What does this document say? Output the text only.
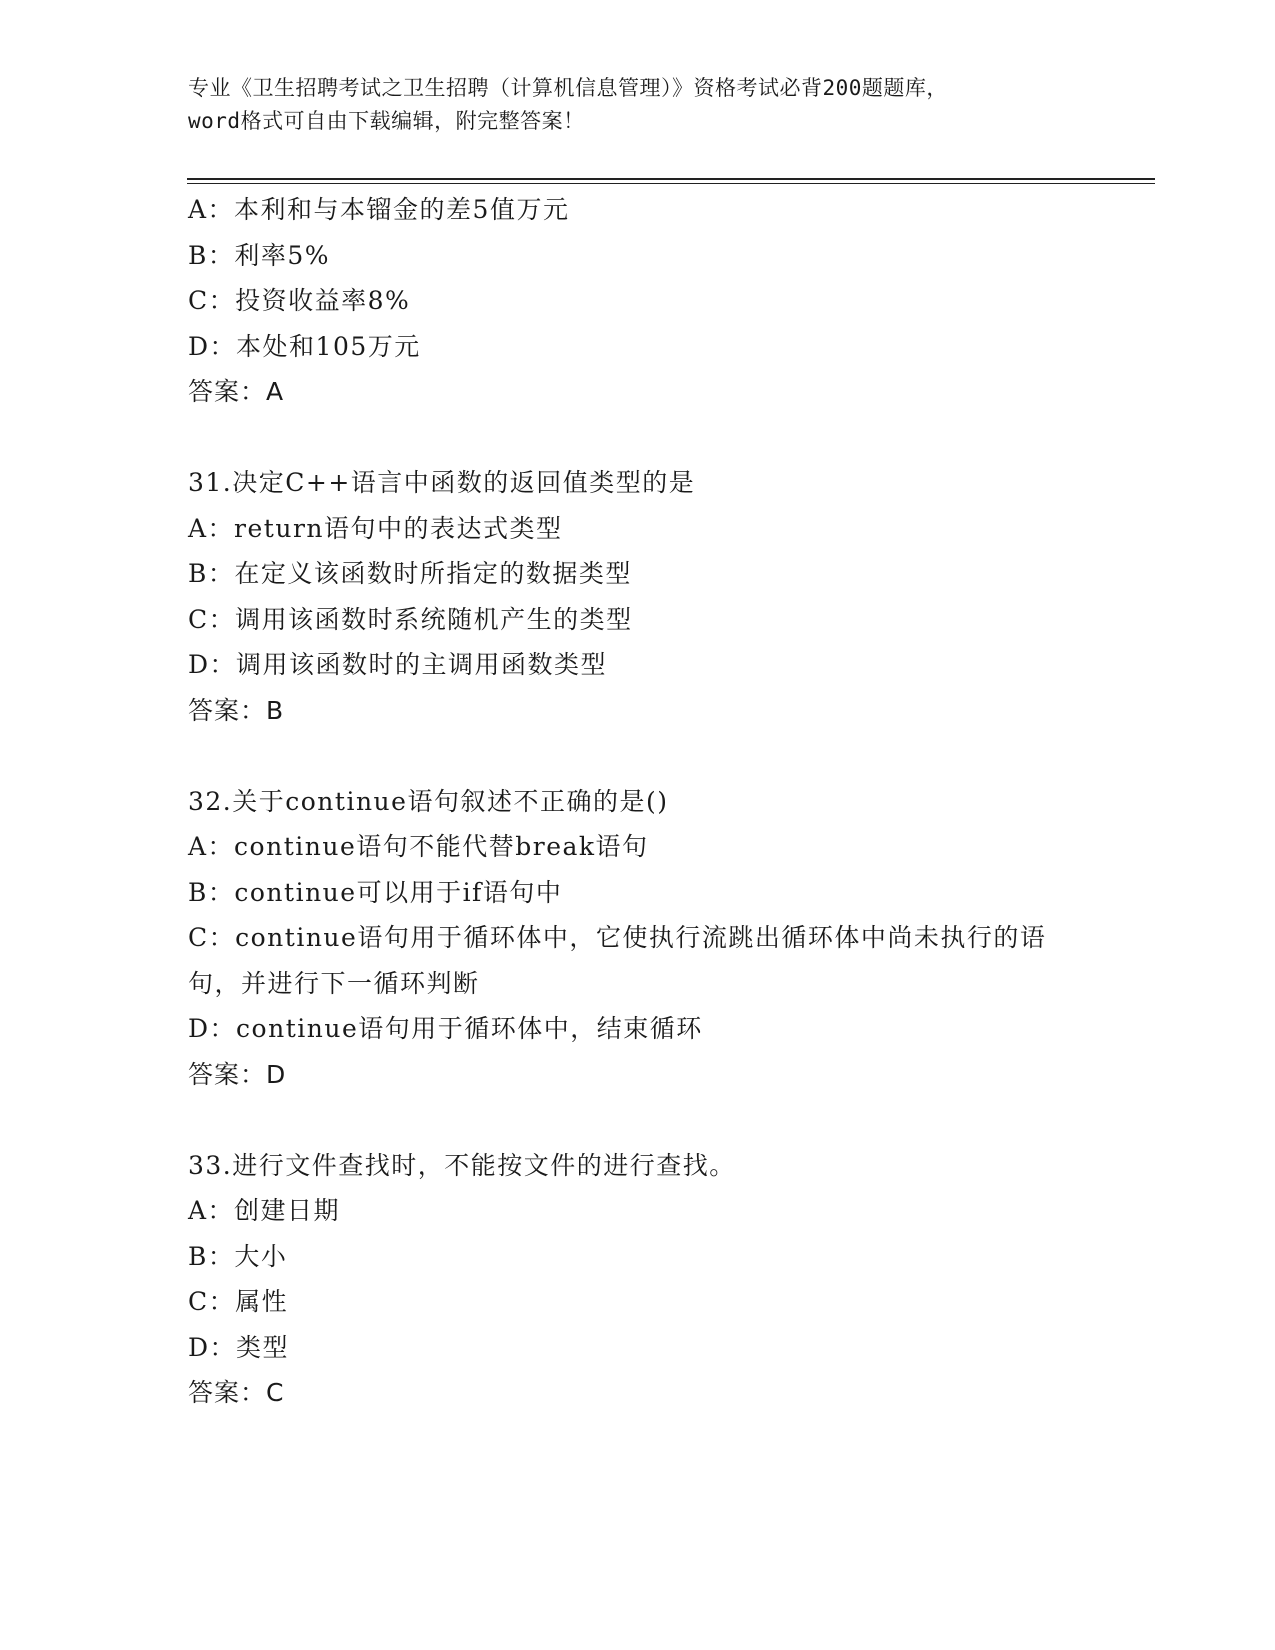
专业《卫生招聘考试之卫生招聘（计算机信息管理）》资格考试必背200题题库，
word格式可自由下载编辑，附完整答案！
A：本利和与本镏金的差5值万元
B：利率5%
C：投资收益率8%
D：本处和105万元
答案：A
31.决定C++语言中函数的返回值类型的是
A：return语句中的表达式类型
B：在定义该函数时所指定的数据类型
C：调用该函数时系统随机产生的类型
D：调用该函数时的主调用函数类型
答案：B
32.关于continue语句叙述不正确的是()
A：continue语句不能代替break语句
B：continue可以用于if语句中
C：continue语句用于循环体中，它使执行流跳出循环体中尚未执行的语句，并进行下一循环判断
D：continue语句用于循环体中，结束循环
答案：D
33.进行文件查找时，不能按文件的进行查找。
A：创建日期
B：大小
C：属性
D：类型
答案：C
